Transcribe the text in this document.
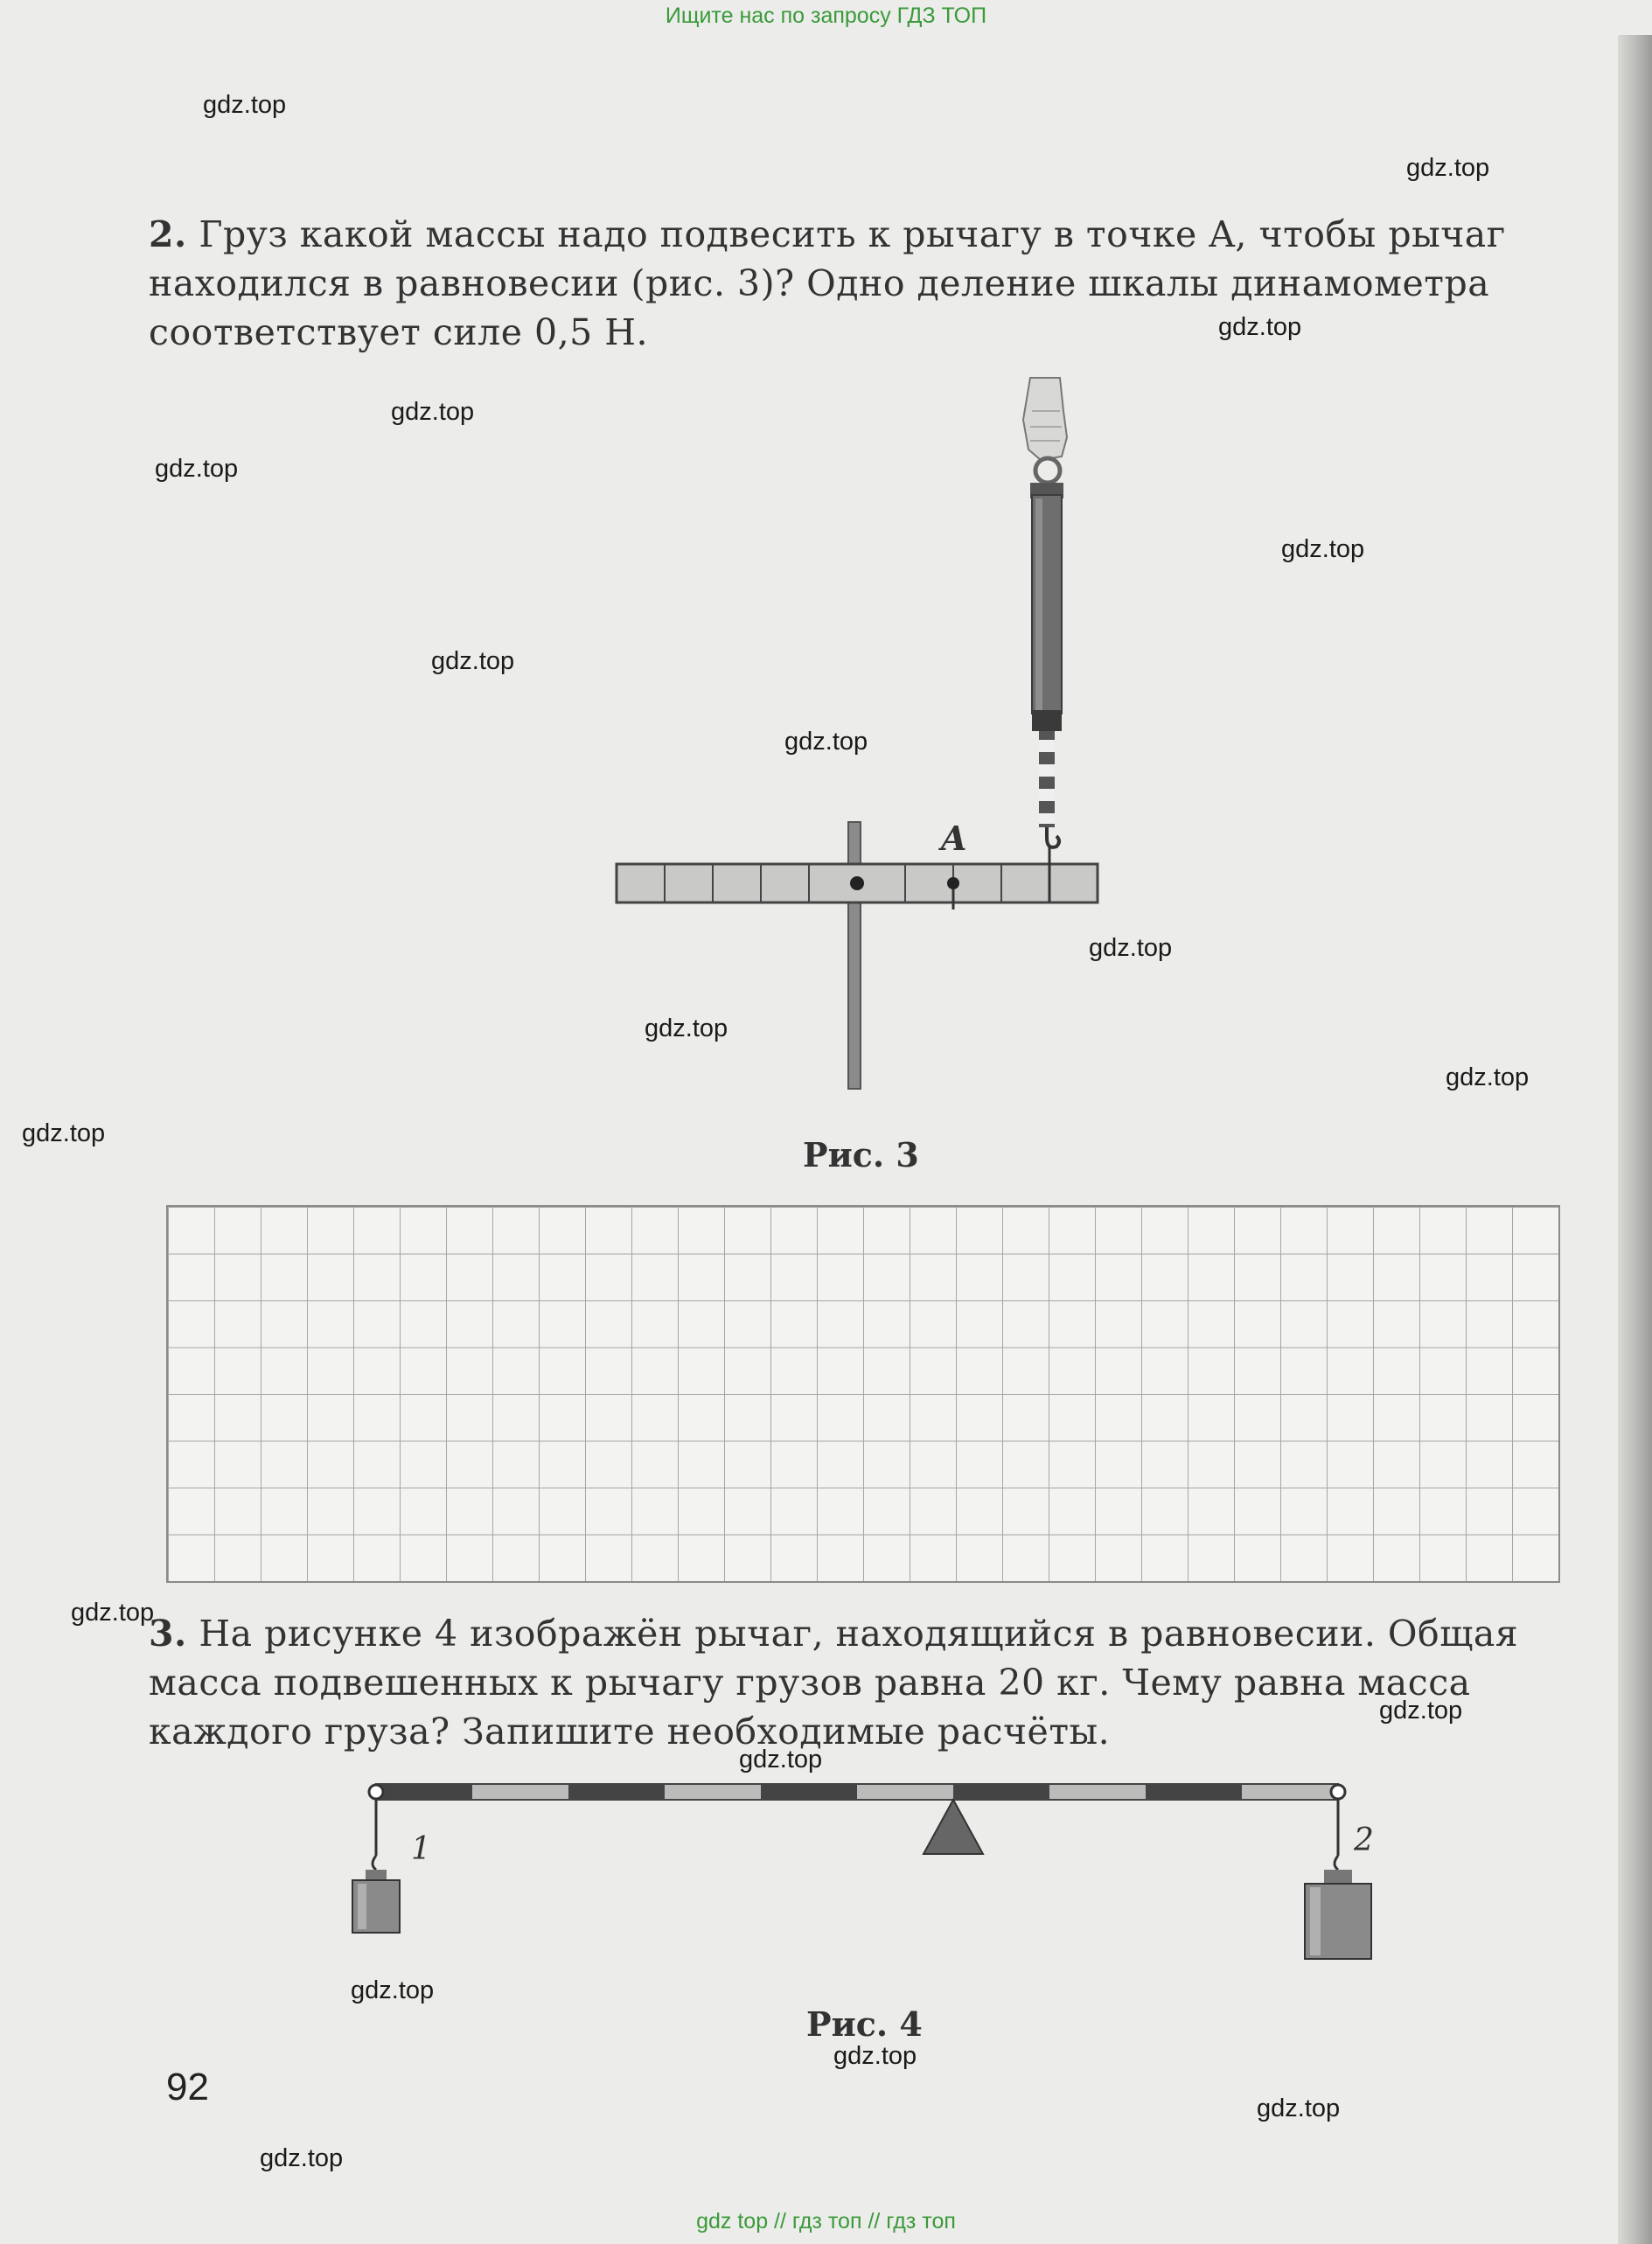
Ищите нас по запросу ГДЗ ТОП
gdz.top
gdz.top
gdz.top
gdz.top
gdz.top
gdz.top
gdz.top
gdz.top
gdz.top
gdz.top
gdz.top
gdz.top
gdz.top
gdz.top
gdz.top
gdz.top
gdz.top
gdz.top
gdz.top
2. Груз какой массы надо подвесить к рычагу в точке A, чтобы рычаг находился в равновесии (рис. 3)? Одно деление шкалы динамометра соответствует силе 0,5 Н.
A
Рис. 3
3. На рисунке 4 изображён рычаг, находящийся в равновесии. Общая масса подвешенных к рычагу грузов равна 20 кг. Чему равна масса каждого груза? Запишите необходимые расчёты.
1	2
Рис. 4
92
gdz top // гдз топ // гдз топ
